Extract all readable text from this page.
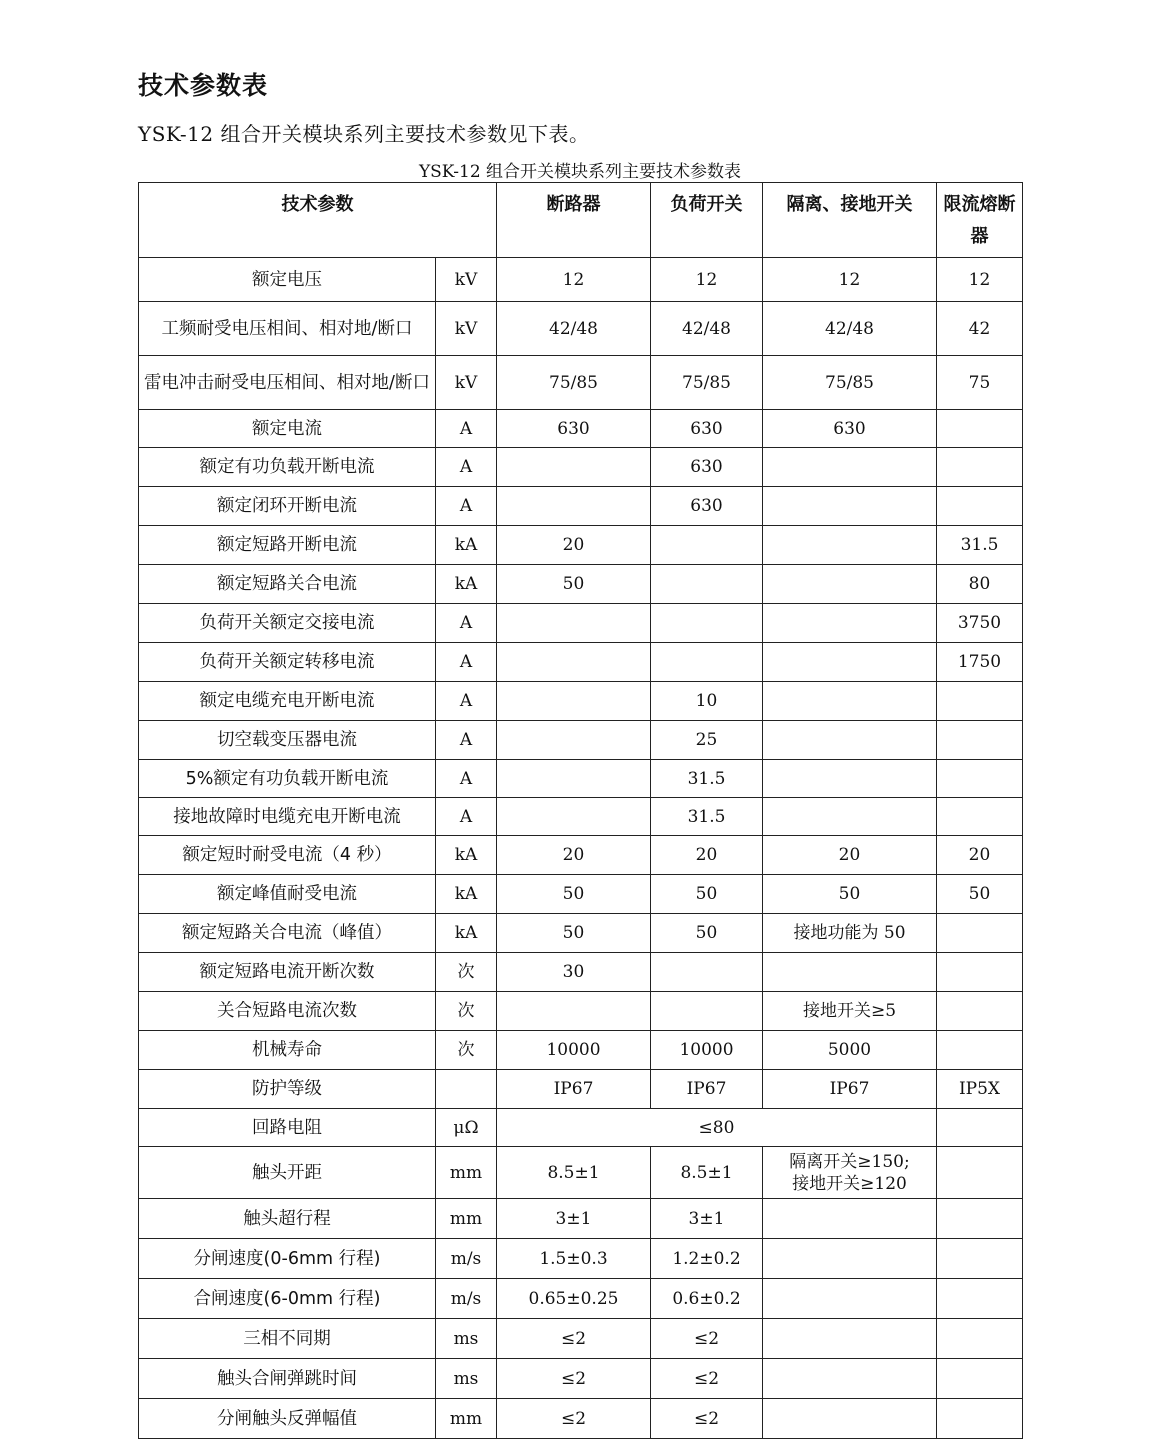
技术参数表
YSK-12 组合开关模块系列主要技术参数见下表。
YSK-12 组合开关模块系列主要技术参数表
技术参数		断路器	负荷开关	隔离、接地开关	限流熔断器
额定电压	kV	12	12	12	12
工频耐受电压相间、相对地/断口	kV	42/48	42/48	42/48	42
雷电冲击耐受电压相间、相对地/断口	kV	75/85	75/85	75/85	75
额定电流	A	630	630	630	
额定有功负载开断电流	A		630		
额定闭环开断电流	A		630		
额定短路开断电流	kA	20			31.5
额定短路关合电流	kA	50			80
负荷开关额定交接电流	A				3750
负荷开关额定转移电流	A				1750
额定电缆充电开断电流	A		10		
切空载变压器电流	A		25		
5%额定有功负载开断电流	A		31.5		
接地故障时电缆充电开断电流	A		31.5		
额定短时耐受电流（4 秒）	kA	20	20	20	20
额定峰值耐受电流	kA	50	50	50	50
额定短路关合电流（峰值）	kA	50	50	接地功能为 50	
额定短路电流开断次数	次	30			
关合短路电流次数	次			接地开关≥5	
机械寿命	次	10000	10000	5000	
防护等级		IP67	IP67	IP67	IP5X
回路电阻	μΩ	≤80			
触头开距	mm	8.5±1	8.5±1	隔离开关≥150;
接地开关≥120	
触头超行程	mm	3±1	3±1		
分闸速度(0-6mm 行程)	m/s	1.5±0.3	1.2±0.2		
合闸速度(6-0mm 行程)	m/s	0.65±0.25	0.6±0.2		
三相不同期	ms	≤2	≤2		
触头合闸弹跳时间	ms	≤2	≤2		
分闸触头反弹幅值	mm	≤2	≤2		
